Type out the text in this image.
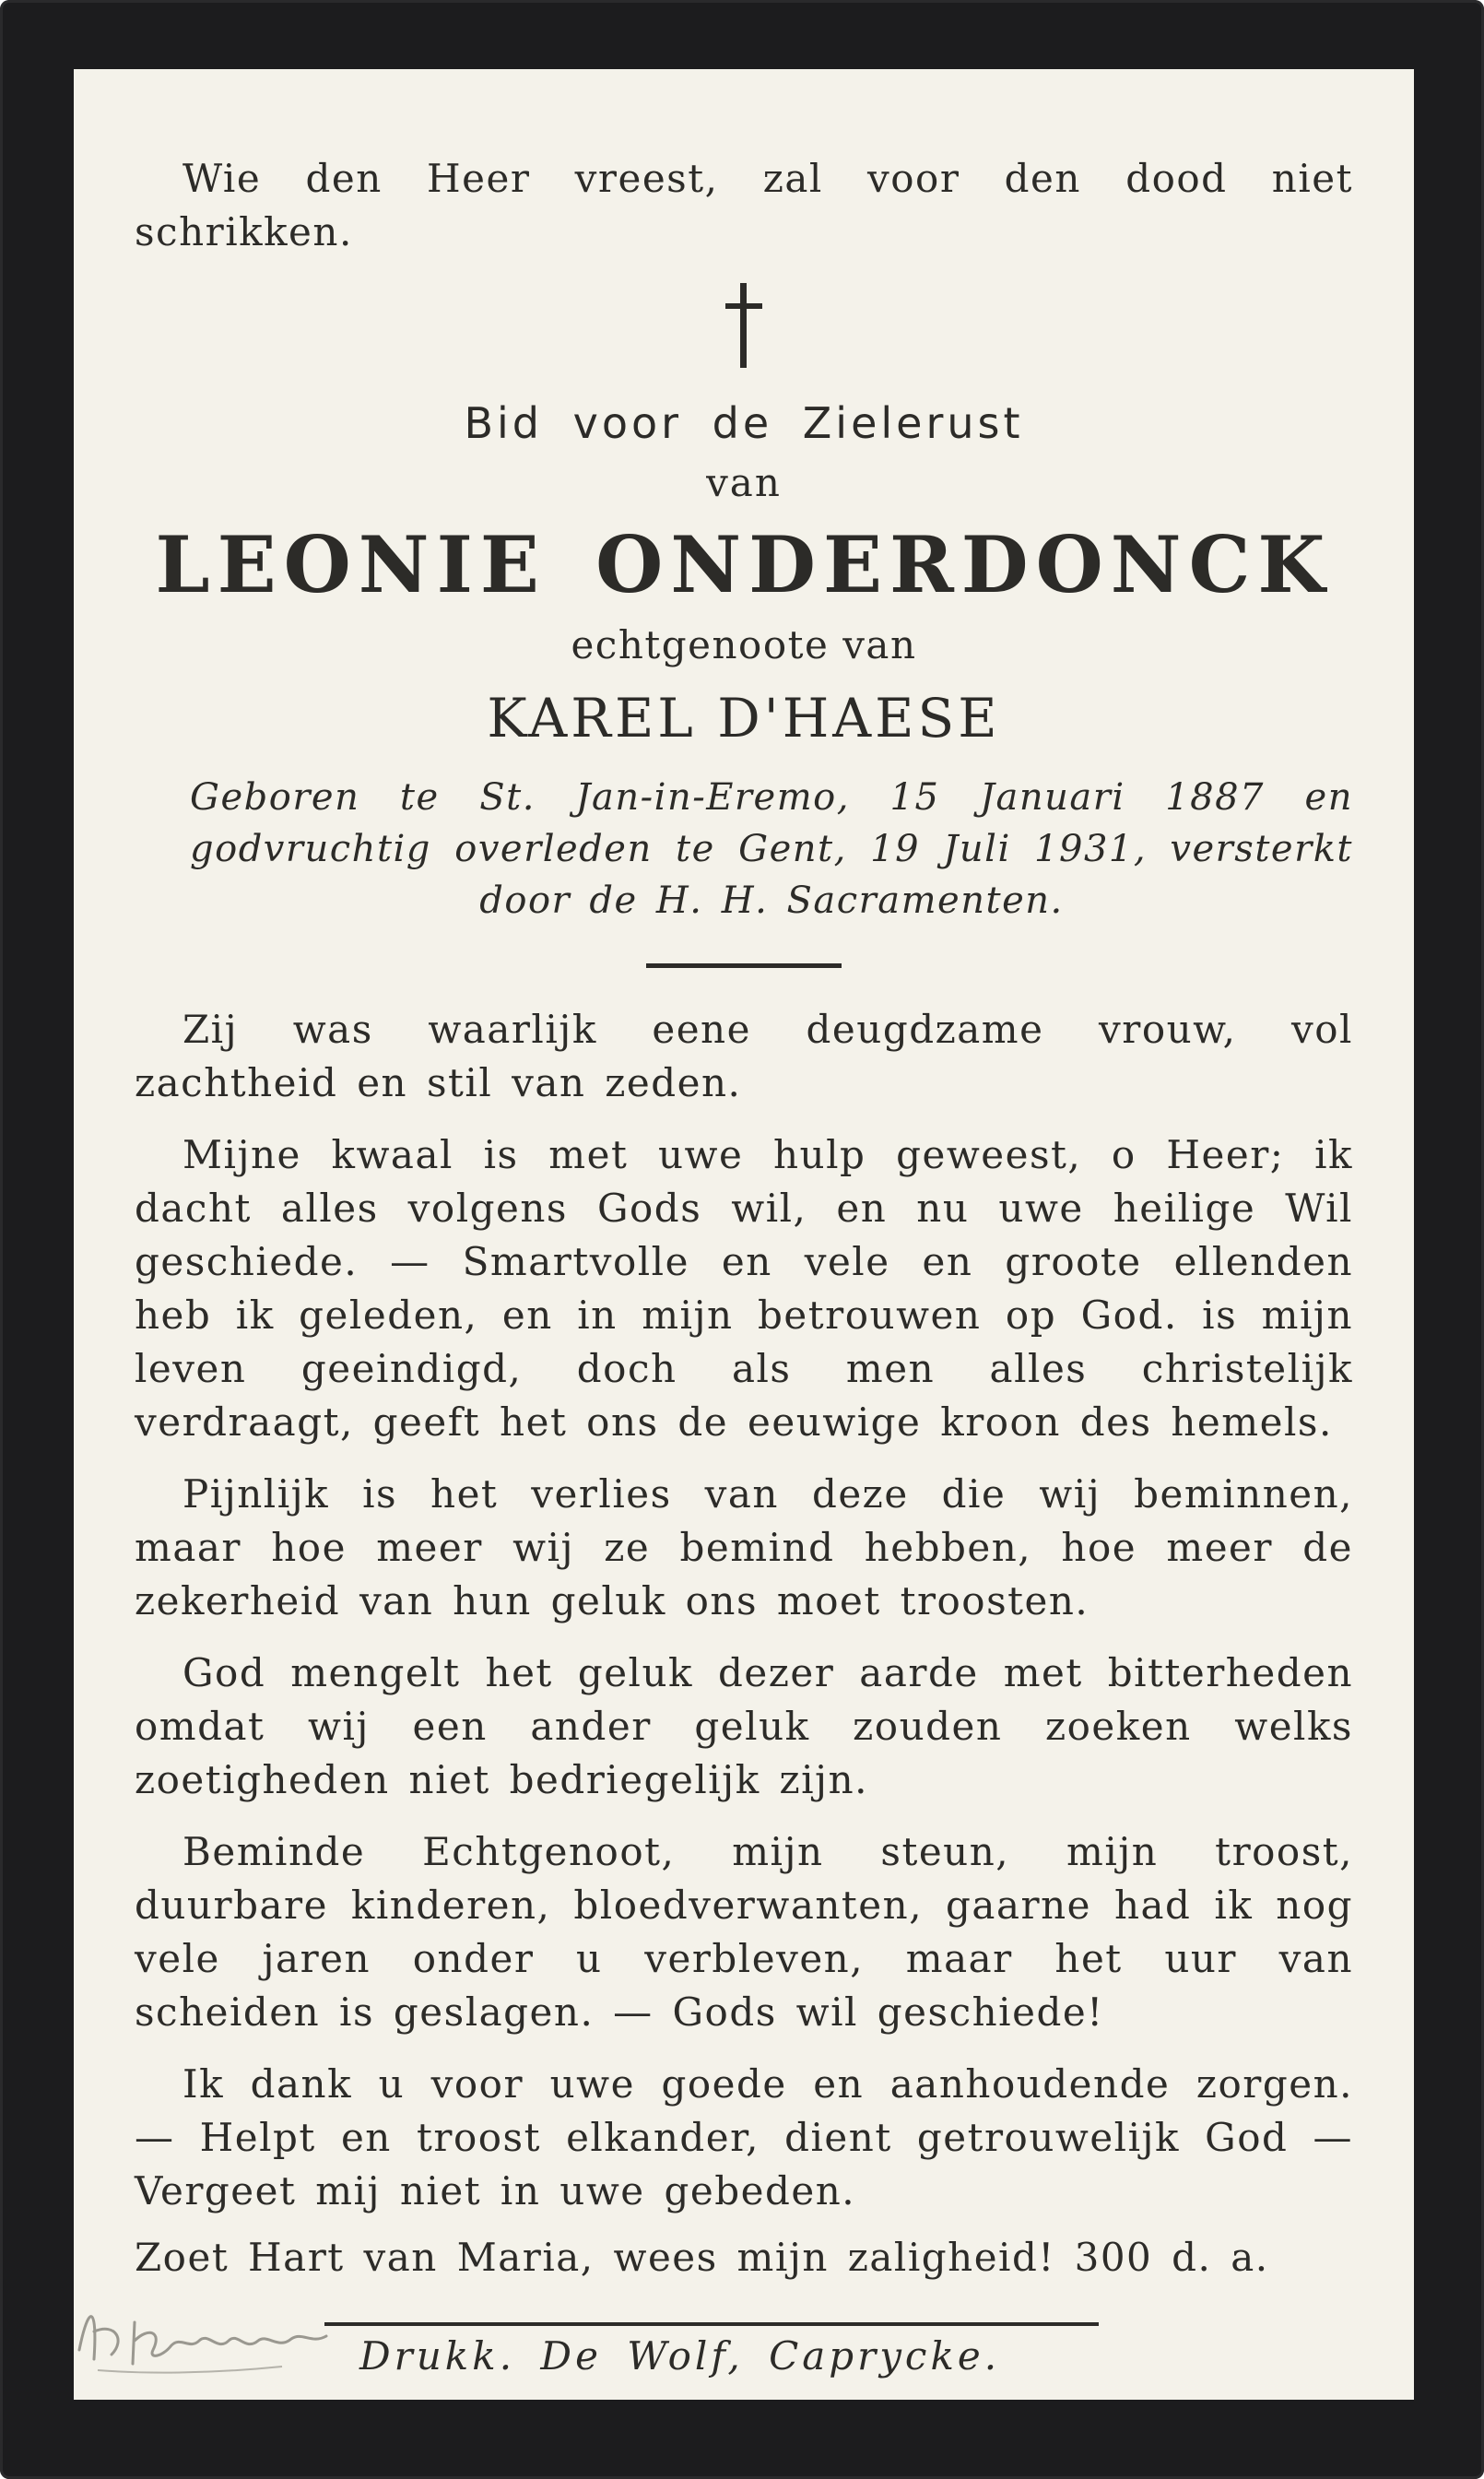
Wie den Heer vreest, zal voor den dood niet schrikken.

Bid voor de Zielerust
van
LEONIE ONDERDONCK
echtgenoote van
KAREL D'HAESE

Geboren te St. Jan-in-Eremo, 15 Januari 1887 en godvruchtig overleden te Gent, 19 Juli 1931, versterkt door de H. H. Sacramenten.

Zij was waarlijk eene deugdzame vrouw, vol zachtheid en stil van zeden.

Mijne kwaal is met uwe hulp geweest, o Heer; ik dacht alles volgens Gods wil, en nu uwe heilige Wil geschiede. — Smartvolle en vele en groote ellenden heb ik geleden, en in mijn betrouwen op God. is mijn leven geeindigd, doch als men alles christelijk verdraagt, geeft het ons de eeuwige kroon des hemels.

Pijnlijk is het verlies van deze die wij beminnen, maar hoe meer wij ze bemind hebben, hoe meer de zekerheid van hun geluk ons moet troosten.

God mengelt het geluk dezer aarde met bitterheden omdat wij een ander geluk zouden zoeken welks zoetigheden niet bedriegelijk zijn.

Beminde Echtgenoot, mijn steun, mijn troost, duurbare kinderen, bloedverwanten, gaarne had ik nog vele jaren onder u verbleven, maar het uur van scheiden is geslagen. — Gods wil geschiede!

Ik dank u voor uwe goede en aanhoudende zorgen. — Helpt en troost elkander, dient getrouwelijk God — Vergeet mij niet in uwe gebeden.

Zoet Hart van Maria, wees mijn zaligheid! 300 d. a.

Drukk. De Wolf, Caprycke.
